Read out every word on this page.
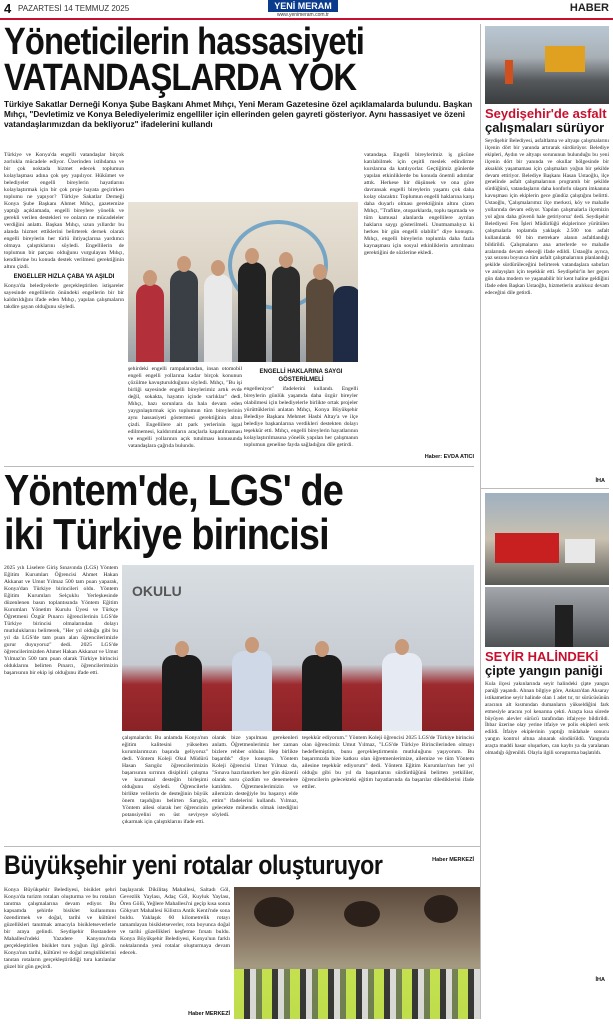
4 PAZARTESİ 14 TEMMUZ 2025	YENİ MERAM
www.yenimeram.com.tr
HABER
Yöneticilerin hassasiyeti
VATANDAŞLARDA YOK

Türkiye Sakatlar Derneği Konya Şube Başkanı Ahmet Mıhçı, Yeni Meram Gazetesine özel açıklamalarda bulundu. Başkan Mıhçı, "Devletimiz ve Konya Belediyelerimiz engelliler için ellerinden gelen gayreti gösteriyor. Aynı hassasiyet ve özeni vatandaşlarımızdan da bekliyoruz" ifadelerini kullandı

Türkiye ve Konya'da engelli vatandaşlar birçok zorlukla mücadele ediyor. Üzerinden istihdama ve bir çok noktada hizmet edecek toplumun kolaylaşması adına çok şey yapılıyor. Hükümet ve belediyeler engelli bireylerin hayatlarını kolaylaştırmak için bir çok proje hayata geçirirken toplumu ne yapıyor? Türkiye Sakatlar Derneği Konya Şube Başkanı Ahmet Mıhçı, gazetemize yaptığı açıklamada, engelli bireylere yönelik ve gerekli verilen destekleri ve onların ne mücadeleler verdiğini anlattı. Başkan Mıhçı, uzun yıllardır bu alanda hizmet ettiklerini belirterek dernek olarak engelli bireylerin her türlü ihtiyaçlarına yardımcı olmaya çalıştıklarını söyledi. Engellilerin de toplumun bir parçası olduğunu vurgulayan Mıhçı, kendilerine bu konuda destek verilmesi gerektiğinin altını çizdi.

ENGELLER HIZLA ÇABA YA AŞILDI

Konya'da belediyelerle gerçekleştirilen istişareler sayesinde engellilerin önündeki engellerin bir bir kaldırıldığını ifade eden Mıhçı, yapılan çalışmaların takdire şayan olduğunu söyledi.

vatandaşa. Engelli bireylerimiz iş gücüne katılabilmek için çeşitli meslek edindirme kurslarına da katılıyorlar. Geçtiğimiz günlerde yapılan etkinliklerde bu konuda önemli adımlar attık. Herkese bir düşünsek ve ona göre davransak engelli bireylerin yaşamı çok daha kolay olacaktır. Toplumun engelli haklarına karşı daha duyarlı olması gerektiğinin altını çizen Mıhçı, "Trafikte, otoparklarda, toplu taşımada ve tüm kamusal alanlarda engellilere ayrılan hakların saygı gösterilmeli. Unutmamalıyız ki herkes bir gün engelli olabilir" diye konuştu. Mıhçı, engelli bireylerin toplumla daha fazla kaynaşması için sosyal etkinliklerin artırılması gerektiğini de sözlerine ekledi.

şehirdeki engelli rampalarından, insan otomobil engeli engelli yollarına kadar birçok konunun çözülme kavuşturulduğunu söyledi. Mıhçı, "Bu işi birliği sayesinde engelli bireylerimiz artık evde değil, sokakta, hayatın içinde varlıklar" dedi. Mıhçı, bazı sorunlara da hala devam eden yaygınlaştırmak için toplumun tüm bireylerinin aynı hassasiyeti göstermesi gerektiğinin altını çizdi. Engellilere ait park yerlerinin işgal edilmemesi, kaldırımların araçlarla kapatılmaması ve engelli yollarının açık tutulması konusunda vatandaşlara çağrıda bulundu.

ENGELLİ HAKLARINA SAYGI GÖSTERİLMELİ

engelleniyor" ifadelerini kullandı. Engelli bireylerin günlük yaşamda daha özgür bireyler olabilmesi için belediyelerle birlikte ortak projeler yürüttüklerini anlatan Mıhçı, Konya Büyükşehir Belediye Başkanı Mehmet Hasbi Altay'a ve ilçe belediye başkanlarına verdikleri destekten dolayı teşekkür etti. Mıhçı, engelli bireylerin hayatlarının kolaylaştırılmasına yönelik yapılan her çalışmanın toplumun geneline fayda sağladığını dile getirdi.

Haber: EVDA ATICI
Yöntem'de, LGS' de
iki Türkiye birincisi

2025 yılı Liselere Giriş Sınavında (LGS) Yöntem Eğitim Kurumları Öğrencisi Ahmet Hakan Akkanat ve Umut Yılmaz 500 tam puan yaparak, Konya'dan Türkiye birincileri oldu. Yöntem Eğitim Kurumları Selçuklu Yerleşkesinde düzenlenen basın toplantısında Yöntem Eğitim Kurumları Yönetim Kurulu Üyesi ve Türkçe Öğretmeni Özgür Pınarcı öğrencilerinin LGS'de Türkiye birincisi olmalarından dolayı mutluluklarını belirterek, "Her yıl olduğu gibi bu yıl da LGS'de tam puan alan öğrencilerimizle gurur duyuyoruz" dedi. 2025 LGS'de öğrencilerimizden Ahmet Hakan Akkanat ve Umut Yılmaz'ın 500 tam puan olarak Türkiye birincisi olduklarını belirten Pınarcı, öğrencilerimizin başarısının bir ekip işi olduğunu ifade etti.

OKULU

çalışmalardır. Bu anlamda Konya'nın eğitim kalitesini yükselten kurumlarımızın başında geliyoruz" dedi. Yöntem Koleji Okul Müdürü Hasan Sarıgöz öğrencilerimizin başarısının sırrının disiplinli çalışma ve kurumsal desteğin birleşimi olduğunu söyledi. Öğrencilerle birlikte velilerin de desteğinin büyük önem taşıdığını belirten Sarıgöz, Yöntem ailesi olarak her öğrencinin potansiyelini en üst seviyeye çıkarmak için çalıştıklarını ifade etti.

olarak bize yapılması gerekenleri anlattı. Öğretmenlerimiz her zaman bizlere rehber oldular. Hep birlikte başardık" diye konuştu. Yöntem Koleji öğrencisi Umut Yılmaz da, "Sınava hazırlanırken her gün düzenli olarak soru çözdüm ve denemelere katıldım. Öğretmenlerimizin ve ailemizin desteğiyle bu başarıyı elde ettim" ifadelerini kullandı. Yılmaz, gelecekte mühendis olmak istediğini söyledi.

teşekkür ediyorum." Yöntem Koleji öğrencisi 2025 LGS'de Türkiye birincisi olan öğrencimiz Umut Yılmaz, "LGS'de Türkiye Birincilerinden olmayı hedeflemiştim, bunu gerçekleştirmenin mutluluğunu yaşıyorum. Bu başarımızda bize katkısı olan öğretmenlerimize, ailemize ve tüm Yöntem ailesine teşekkür ediyorum" dedi. Yöntem Eğitim Kurumları'nın her yıl olduğu gibi bu yıl da başarılarını sürdürdüğünü belirten yetkililer, öğrencilerin gelecekteki eğitim hayatlarında da başarılar dilediklerini ifade ettiler.

Haber MERKEZİ
Büyükşehir yeni rotalar oluşturuyor

Konya Büyükşehir Belediyesi, bisiklet şehri Konya'da turizm rotaları oluşturma ve bu rotaları tanıtma çalışmalarına devam ediyor. Bu kapsamda şehirde bisiklet kullanımını özendirmek ve doğal, tarihi ve kültürel güzellikleri tanıtmak amacıyla bisikletseverlerle bir araya gelindi. Seydişehir Bostandere Mahallesi'ndeki Yazıdere Kanyonu'nda gerçekleştirilen bisiklet turu yoğun ilgi gördü. Konya'nın tarihi, kültürel ve doğal zenginliklerini tanıtan rotaların gerçekleştirildiği tura katılanlar güzel bir gün geçirdi.

başlayarak Dikilitaş Mahallesi, Saltadı Göl, Gevezlik Yaylası, Adaç Göl, Kuyluk Yaylası, Ören Gölü, Yeğlere Mahallesi'ni geçip kısa sonra Gökyurt Mahallesi Kilistra Antik Kenti'nde sona buldu. Yaklaşık 60 kilometrelik rotayı tamamlayan bisikletseverler, rota boyunca doğal ve tarihi güzellikleri keşfetme fırsatı buldu. Konya Büyükşehir Belediyesi, Konya'nın farklı noktalarında yeni rotalar oluşturmaya devam edecek.

Haber MERKEZİ
Seydişehir'de asfalt
çalışmaları sürüyor

Seydişehir Belediyesi, asfaltlama ve altyapı çalışmalarını ilçenin dört bir yanında artırarak sürdürüyor. Belediye ekipleri, Aydın ve altyapı sorununun bulunduğu bu yeni ilçenin dört bir yanında ve okullar bölgesinde bir aksaklık yaşamaması için çalışmaları yoğun bir şekilde devam ettiriyor. Belediye Başkanı Hasan Ustaoğlu, ilçe genelinde asfalt çalışmalarının programlı bir şekilde sürdüğünü, vatandaşların daha konforlu ulaşım imkanına kavuşması için ekiplerin gece gündüz çalıştığını belirtti. Ustaoğlu, 'Çalışmalarımız ilçe merkezi, köy ve mahalle yollarında devam ediyor. Yapılan çalışmalarla ilçemizin yol ağını daha güvenli hale getiriyoruz' dedi. Seydişehir Belediyesi Fen İşleri Müdürlüğü ekiplerince yürütülen çalışmalarla toplamda yaklaşık 2.500 ton asfalt kullanılarak 60 bin metrekare alanın asfaltlandığı bildirildi. Çalışmaların ana arterlerde ve mahalle aralarında devam edeceği ifade edildi. Ustaoğlu ayrıca, yaz sezonu boyunca tüm asfalt çalışmalarının planlandığı şekilde sürdürüleceğini belirterek vatandaşlara sabırları ve anlayışları için teşekkür etti. Seydişehir'in her geçen gün daha modern ve yaşanabilir bir kent haline geldiğini ifade eden Başkan Ustaoğlu, hizmetlerin aralıksız devam edeceğini dile getirdi.

İHA
SEYİR HALİNDEKİ
çipte yangın paniği

Kula ilçesi yakınlarında seyir halindeki çipte yangın paniği yaşandı. Alınan bilgiye göre, Ankara'dan Aksaray istikametine seyir halinde olan 1 adet tır, tır sürücüsünün aracının alt kısmından dumanların yükseldiğini fark etmesiyle aracını yol kenarına çekti. Araçta kısa sürede büyüyen alevler sürücü tarafından itfaiyeye bildirildi. İhbar üzerine olay yerine itfaiye ve polis ekipleri sevk edildi. İtfaiye ekiplerinin yaptığı müdahale sonucu yangın kontrol altına alınarak söndürüldü. Yangında araçta maddi hasar oluşurken, can kaybı ya da yaralanan olmadığı öğrenildi. Olayla ilgili soruşturma başlatıldı.

İHA
